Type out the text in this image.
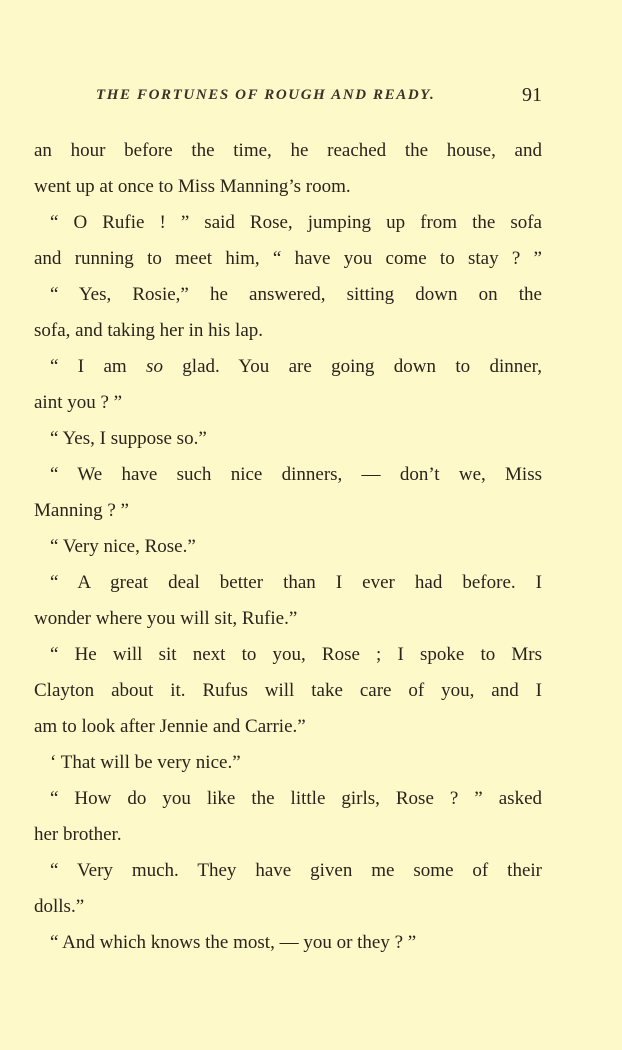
THE FORTUNES OF ROUGH AND READY.	91
an hour before the time, he reached the house, and
went up at once to Miss Manning’s room.
“ O Rufie ! ” said Rose, jumping up from the sofa
and running to meet him, “ have you come to stay ? ”
“ Yes, Rosie,” he answered, sitting down on the
sofa, and taking her in his lap.
“ I am so glad. You are going down to dinner,
aint you ? ”
“ Yes, I suppose so.”
“ We have such nice dinners, — don’t we, Miss
Manning ? ”
“ Very nice, Rose.”
“ A great deal better than I ever had before. I
wonder where you will sit, Rufie.”
“ He will sit next to you, Rose ; I spoke to Mrs
Clayton about it. Rufus will take care of you, and I
am to look after Jennie and Carrie.”
‘ That will be very nice.”
“ How do you like the little girls, Rose ? ” asked
her brother.
“ Very much. They have given me some of their
dolls.”
“ And which knows the most, — you or they ? ”
